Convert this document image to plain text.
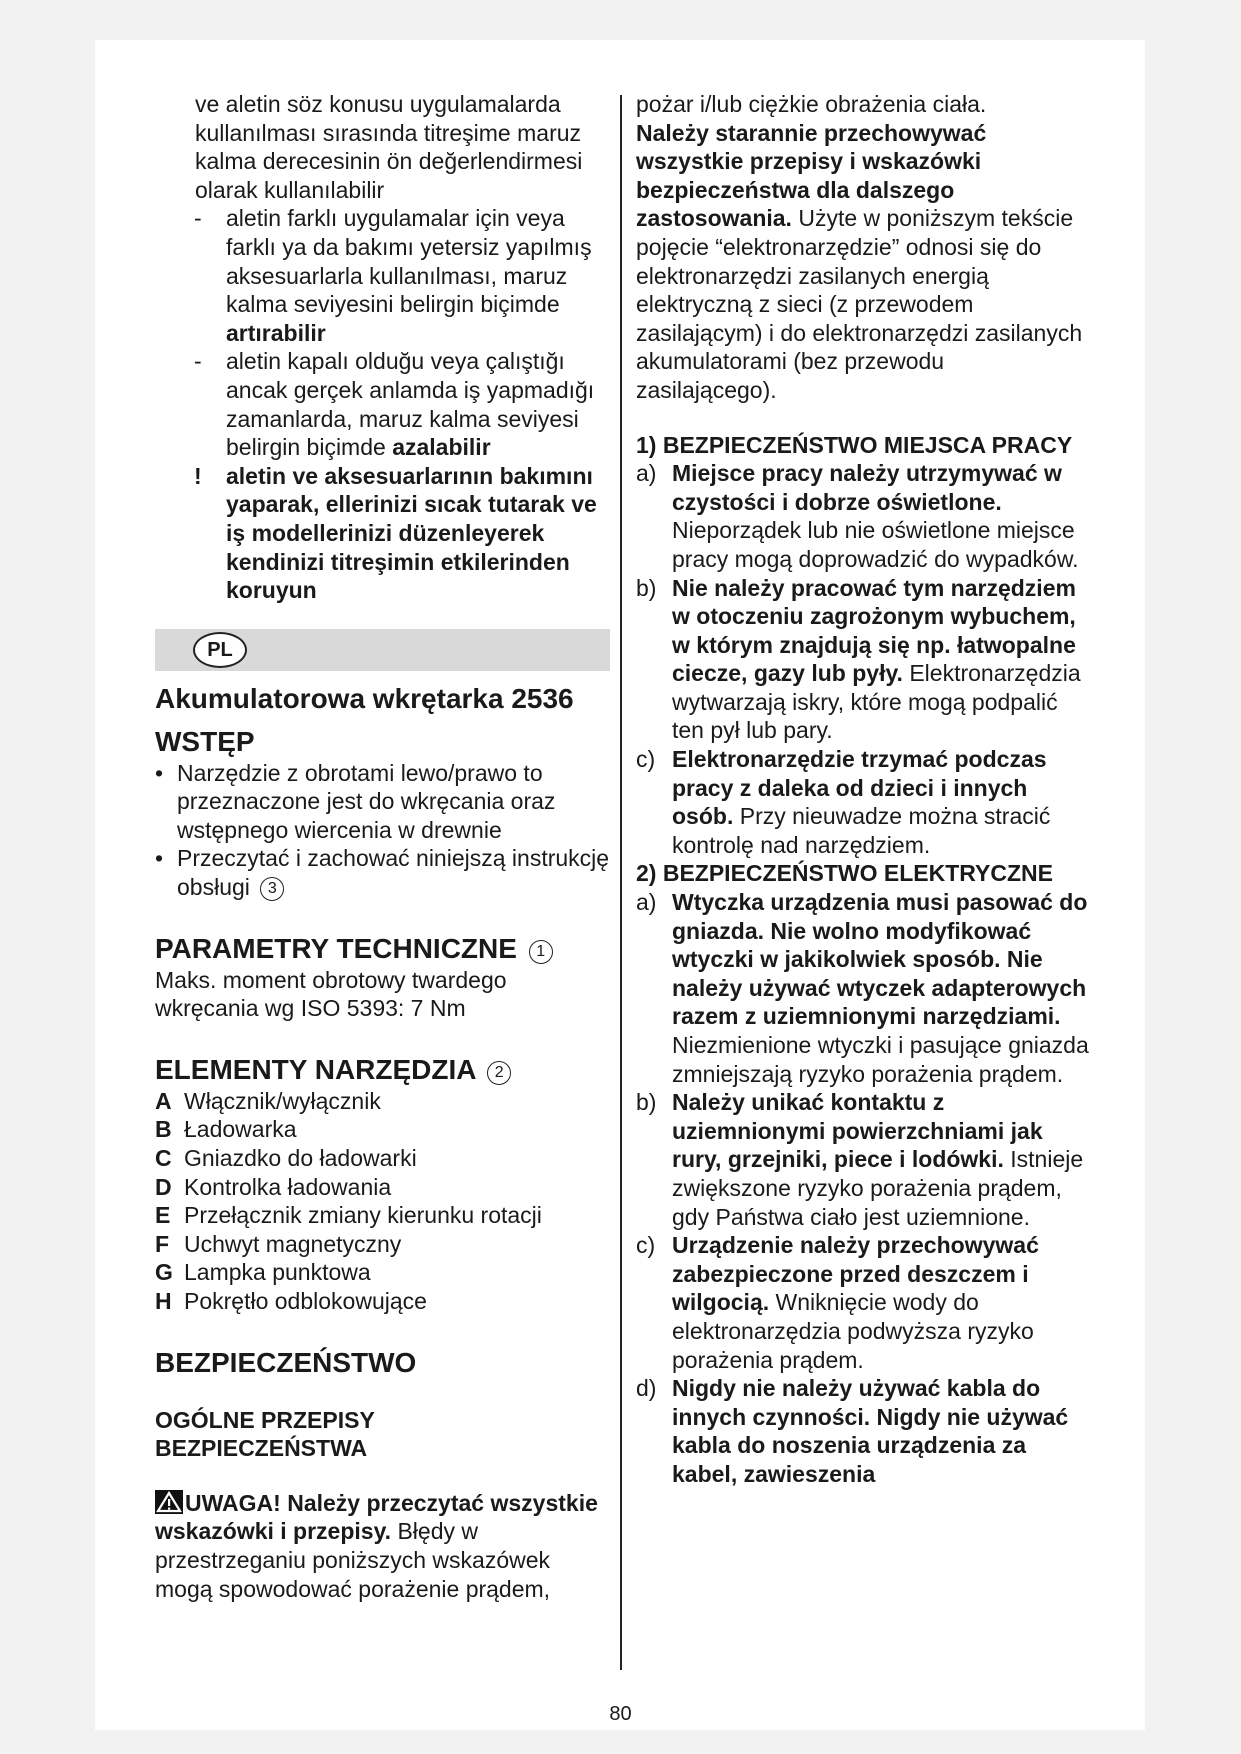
ve aletin söz konusu uygulamalarda
kullanılması sırasında titreşime maruz
kalma derecesinin ön değerlendirmesi
olarak kullanılabilir
-	aletin farklı uygulamalar için veya farklı ya da bakımı yetersiz yapılmış aksesuarlarla kullanılması, maruz kalma seviyesini belirgin biçimde artırabilir
-	aletin kapalı olduğu veya çalıştığı ancak gerçek anlamda iş yapmadığı zamanlarda, maruz kalma seviyesi belirgin biçimde azalabilir
!	aletin ve aksesuarlarının bakımını yaparak, ellerinizi sıcak tutarak ve iş modellerinizi düzenleyerek kendinizi titreşimin etkilerinden koruyun
PL
Akumulatorowa wkrętarka 2536
WSTĘP
• Narzędzie z obrotami lewo/prawo to przeznaczone jest do wkręcania oraz wstępnego wiercenia w drewnie
• Przeczytać i zachować niniejszą instrukcję obsługi 3
PARAMETRY TECHNICZNE 1
Maks. moment obrotowy twardego wkręcania wg ISO 5393: 7 Nm
ELEMENTY NARZĘDZIA 2
A Włącznik/wyłącznik
B Ładowarka
C Gniazdko do ładowarki
D Kontrolka ładowania
E Przełącznik zmiany kierunku rotacji
F Uchwyt magnetyczny
G Lampka punktowa
H Pokrętło odblokowujące
BEZPIECZEŃSTWO
OGÓLNE PRZEPISY
BEZPIECZEŃSTWA
UWAGA! Należy przeczytać wszystkie wskazówki i przepisy. Błędy w przestrzeganiu poniższych wskazówek mogą spowodować porażenie prądem,
pożar i/lub ciężkie obrażenia ciała.
Należy starannie przechowywać wszystkie przepisy i wskazówki bezpieczeństwa dla dalszego zastosowania. Użyte w poniższym tekście pojęcie “elektronarzędzie” odnosi się do elektronarzędzi zasilanych energią elektryczną z sieci (z przewodem zasilającym) i do elektronarzędzi zasilanych akumulatorami (bez przewodu zasilającego).
1) BEZPIECZEŃSTWO MIEJSCA PRACY
a) Miejsce pracy należy utrzymywać w czystości i dobrze oświetlone. Nieporządek lub nie oświetlone miejsce pracy mogą doprowadzić do wypadków.
b) Nie należy pracować tym narzędziem w otoczeniu zagrożonym wybuchem, w którym znajdują się np. łatwopalne ciecze, gazy lub pyły. Elektronarzędzia wytwarzają iskry, które mogą podpalić ten pył lub pary.
c) Elektronarzędzie trzymać podczas pracy z daleka od dzieci i innych osób. Przy nieuwadze można stracić kontrolę nad narzędziem.
2) BEZPIECZEŃSTWO ELEKTRYCZNE
a) Wtyczka urządzenia musi pasować do gniazda. Nie wolno modyfikować wtyczki w jakikolwiek sposób. Nie należy używać wtyczek adapterowych razem z uziemnionymi narzędziami. Niezmienione wtyczki i pasujące gniazda zmniejszają ryzyko porażenia prądem.
b) Należy unikać kontaktu z uziemnionymi powierzchniami jak rury, grzejniki, piece i lodówki. Istnieje zwiększone ryzyko porażenia prądem, gdy Państwa ciało jest uziemnione.
c) Urządzenie należy przechowywać zabezpieczone przed deszczem i wilgocią. Wniknięcie wody do elektronarzędzia podwyższa ryzyko porażenia prądem.
d) Nigdy nie należy używać kabla do innych czynności. Nigdy nie używać kabla do noszenia urządzenia za kabel, zawieszenia
80
